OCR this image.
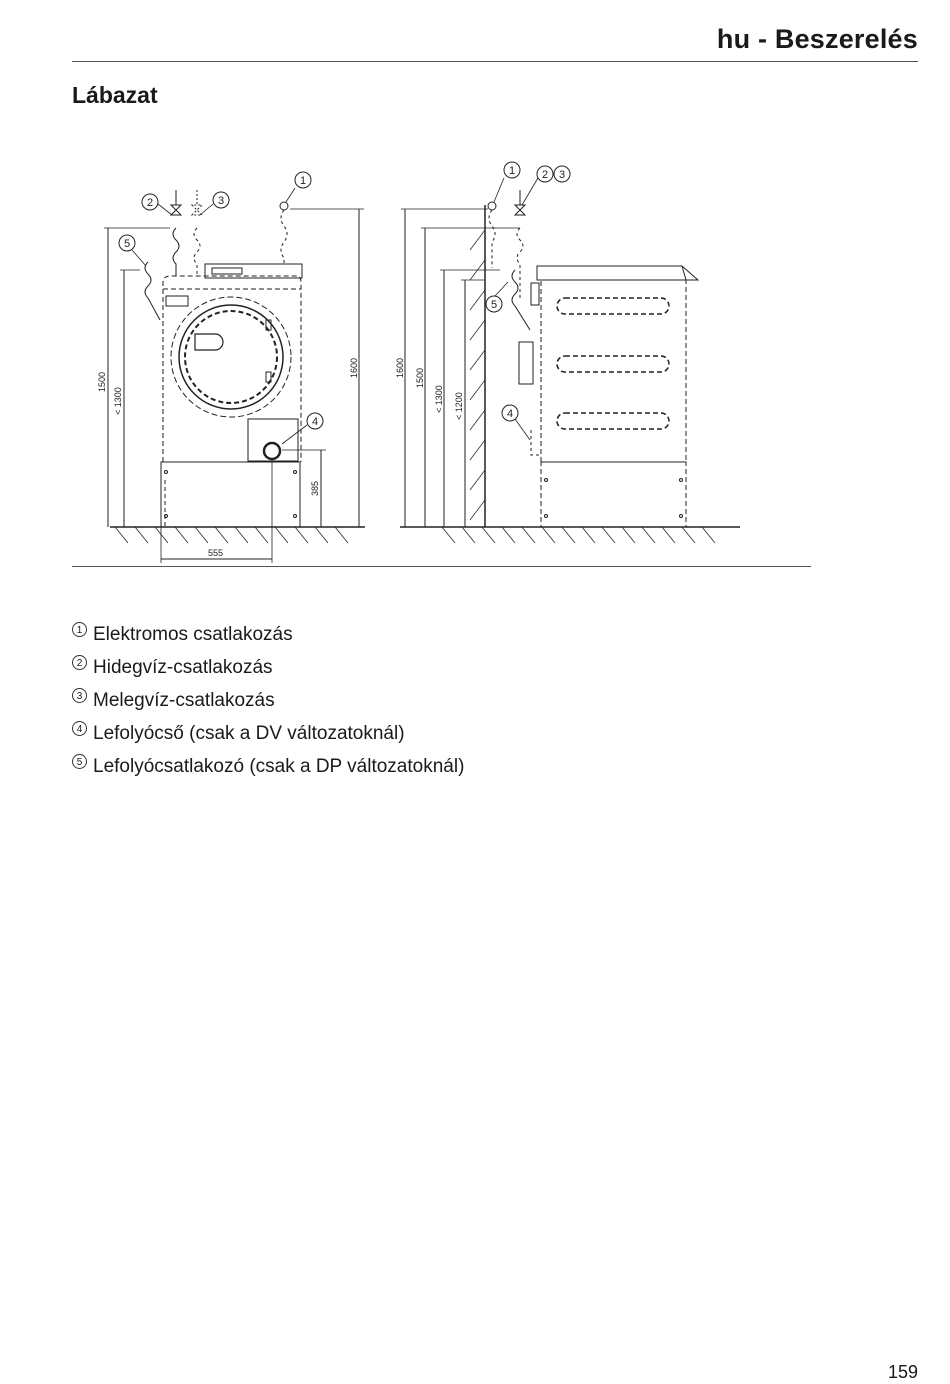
hu - Beszerelés
Lábazat
1500
< 1300
1600
385
555
1600 1500
< 1300 < 1200
1
2	3
5
4
1 2 3
5
4
1 Elektromos csatlakozás
2 Hidegvíz-csatlakozás
3 Melegvíz-csatlakozás
4 Lefolyócső (csak a DV változatoknál)
5 Lefolyócsatlakozó (csak a DP változatoknál)
159
